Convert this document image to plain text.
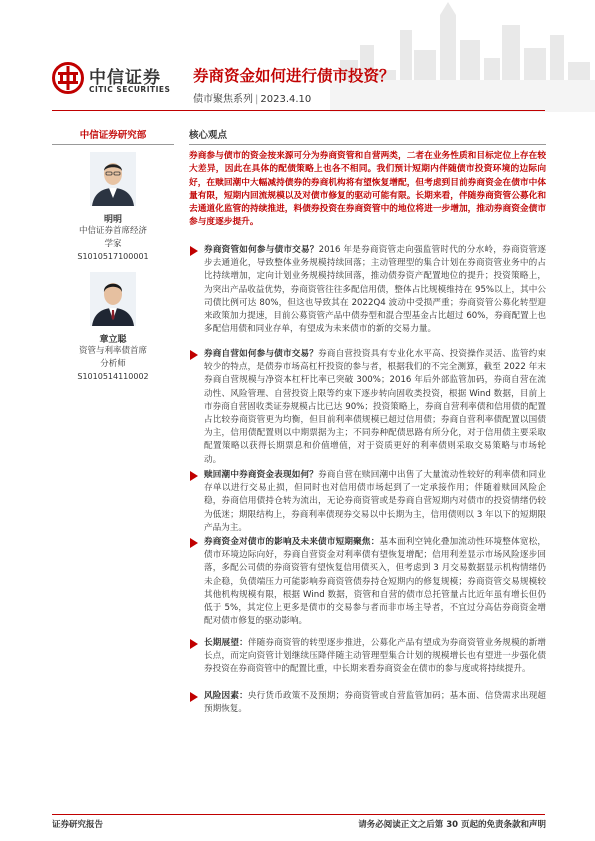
中信证券
CITIC SECURITIES
券商资金如何进行债市投资？
债市聚焦系列 | 2023.4.10
中信证券研究部
明明
中信证券首席经济
学家
S1010517100001
章立聪
资管与利率债首席
分析师
S1010514110002
核心观点
券商参与债市的资金按来源可分为券商资管和自营两类，二者在业务性质和目标定位上存在较大差异，因此在具体的配债策略上也各不相同。我们预计短期内伴随债市投资环境的边际向好，在赎回潮中大幅减持债券的券商机构将有望恢复增配，但考虑到目前券商资金在债市中体量有限，短期内回流规模以及对债市修复的驱动可能有限。长期来看，伴随券商资管公募化和去通道化监管的持续推进，料债券投资在券商资管中的地位将进一步增加，推动券商资金债市参与度逐步提升。
券商资管如何参与债市交易？2016 年是券商资管走向强监管时代的分水岭，券商资管逐步去通道化，导致整体业务规模持续回落；主动管理型的集合计划在券商资管业务中的占比持续增加，定向计划业务规模持续回落，推动债券资产配置地位的提升；投资策略上，为突出产品收益优势，券商资管往往多配信用债，整体占比规模维持在 95%以上，其中公司债比例可达 80%，但这也导致其在 2022Q4 波动中受损严重；券商资管公募化转型迎来政策加力提速，目前公募资管产品中债券型和混合型基金占比超过 60%，券商配置上也多配信用债和同业存单，有望成为未来债市的新的交易力量。
券商自营如何参与债市交易？券商自营投资具有专业化水平高、投资操作灵活、监管约束较少的特点，是债券市场高杠杆投资的参与者，根据我们的不完全测算，截至 2022 年末券商自营规模与净资本杠杆比率已突破 300%；2016 年后外部监管加码，券商自营在流动性、风险管理、自营投资上限等约束下逐步转向固收类投资，根据 Wind 数据，目前上市券商自营固收类证券规模占比已达 90%；投资策略上，券商自营利率债和信用债的配置占比较券商资管更为均衡，但目前利率债规模已超过信用债；券商自营利率债配置以国债为主，信用债配置则以中期票据为主；不同券种配债思路有所分化，对于信用债主要采取配置策略以获得长期票息和价值增值，对于资质更好的利率债则采取交易策略与市场轮动。
赎回潮中券商资金表现如何？券商自营在赎回潮中出售了大量流动性较好的利率债和同业存单以进行交易止损，但同时也对信用债市场起到了一定承接作用；伴随着赎回风险企稳，券商信用债持仓转为流出，无论券商资管或是券商自营短期内对债市的投资情绪仍较为低迷；期限结构上，券商利率债现券交易以中长期为主，信用债则以 3 年以下的短期限产品为主。
券商资金对债市的影响及未来债市短期聚焦：基本面利空钝化叠加流动性环境整体宽松，债市环境边际向好，券商自营资金对利率债有望恢复增配；信用利差显示市场风险逐步回落，多配公司债的券商资管有望恢复信用债买入，但考虑到 3 月交易数据显示机构情绪仍未企稳，负债端压力可能影响券商资管债券持仓短期内的修复规模；券商资管交易规模较其他机构规模有限，根据 Wind 数据，资管和自营的债市总托管量占比近年虽有增长但仍低于 5%，其定位上更多是债市的交易参与者而非市场主导者，不宜过分高估券商资金增配对债市修复的驱动影响。
长期展望：伴随券商资管的转型逐步推进，公募化产品有望成为券商资管业务规模的新增长点，而定向资管计划继续压降伴随主动管理型集合计划的规模增长也有望进一步强化债券投资在券商资管中的配置比重，中长期来看券商资金在债市的参与度或将持续提升。
风险因素：央行货币政策不及预期；券商资管或自营监管加码；基本面、信贷需求出现超预期恢复。
证券研究报告	请务必阅读正文之后第 30 页起的免责条款和声明
